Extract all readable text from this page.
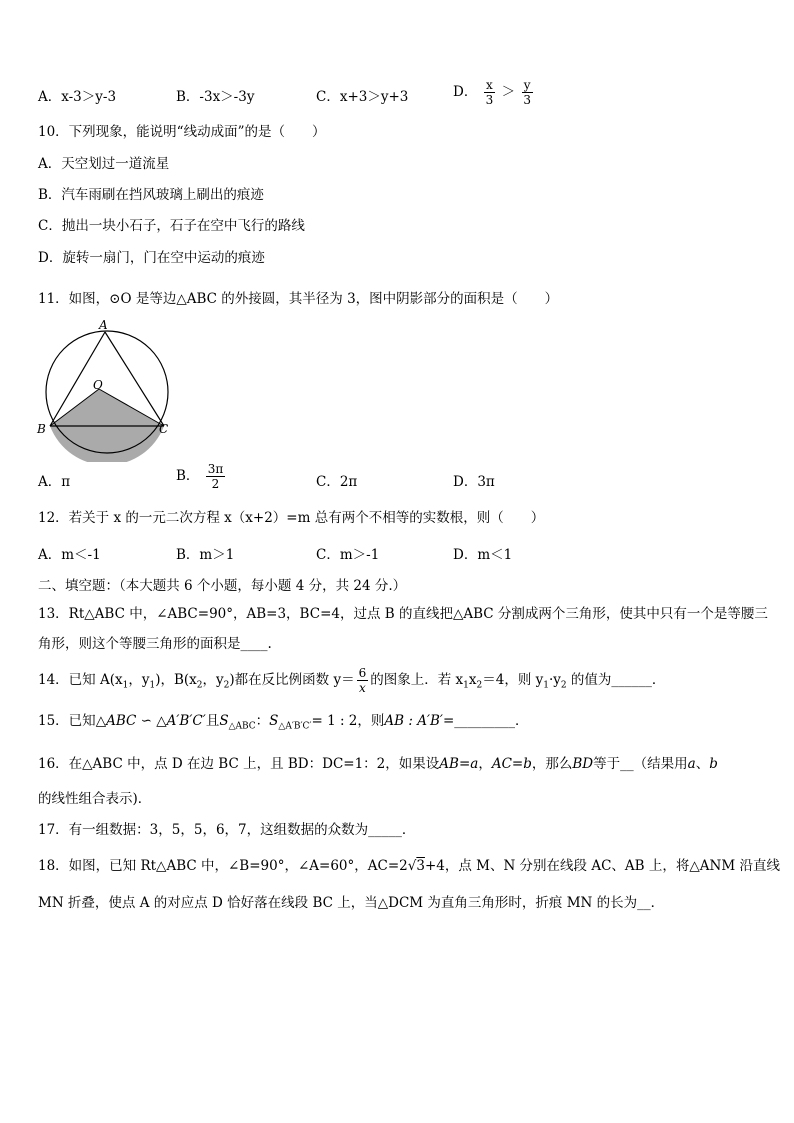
A．x-3＞y-3	B．-3x＞-3y	C．x+3＞y+3	D． $\frac{x}{3} > \frac{y}{3}$
10．下列现象，能说明“线动成面”的是（　　）
A．天空划过一道流星
B．汽车雨刷在挡风玻璃上刷出的痕迹
C．抛出一块小石子，石子在空中飞行的路线
D．旋转一扇门，门在空中运动的痕迹
11．如图，⊙O 是等边△ABC 的外接圆，其半径为 3，图中阴影部分的面积是（　　）
A
O
B	C
A．π	B． $\frac{3\pi}{2}$	C．2π	D．3π
12．若关于 x 的一元二次方程 x（x+2）=m 总有两个不相等的实数根，则（　　）
A．m＜-1	B．m＞1	C．m＞-1	D．m＜1
二、填空题：（本大题共 6 个小题，每小题 4 分，共 24 分.）
13．Rt△ABC 中，∠ABC=90°，AB=3，BC=4，过点 B 的直线把△ABC 分割成两个三角形，使其中只有一个是等腰三
角形，则这个等腰三角形的面积是____.
14．已知 $A(x_1$，$y_1$)，$B(x_2$，$y_2$)都在反比例函数 $y= \frac{6}{x}$ 的图象上．若 $x_1x_2=4$，则 $y_1\cdot y_2$ 的值为______．
15．已知△ABC ∽ △A′B′C′且$S_{\triangle ABC}$：$S_{\triangle A'B'C'}= 1$ : 2，则AB : A′B′=_________．
16．在△ABC 中，点 D 在边 BC 上，且 BD：DC=1：2，如果设AB=a，AC=b，那么BD等于__（结果用a、b
的线性组合表示)．
17．有一组数据：3，5，5，6，7，这组数据的众数为_____．
18．如图，已知 Rt△ABC 中，∠B=90°，∠A=60°，AC=2√3+4，点 M、N 分别在线段 AC、AB 上，将△ANM 沿直线
MN 折叠，使点 A 的对应点 D 恰好落在线段 BC 上，当△DCM 为直角三角形时，折痕 MN 的长为__．
